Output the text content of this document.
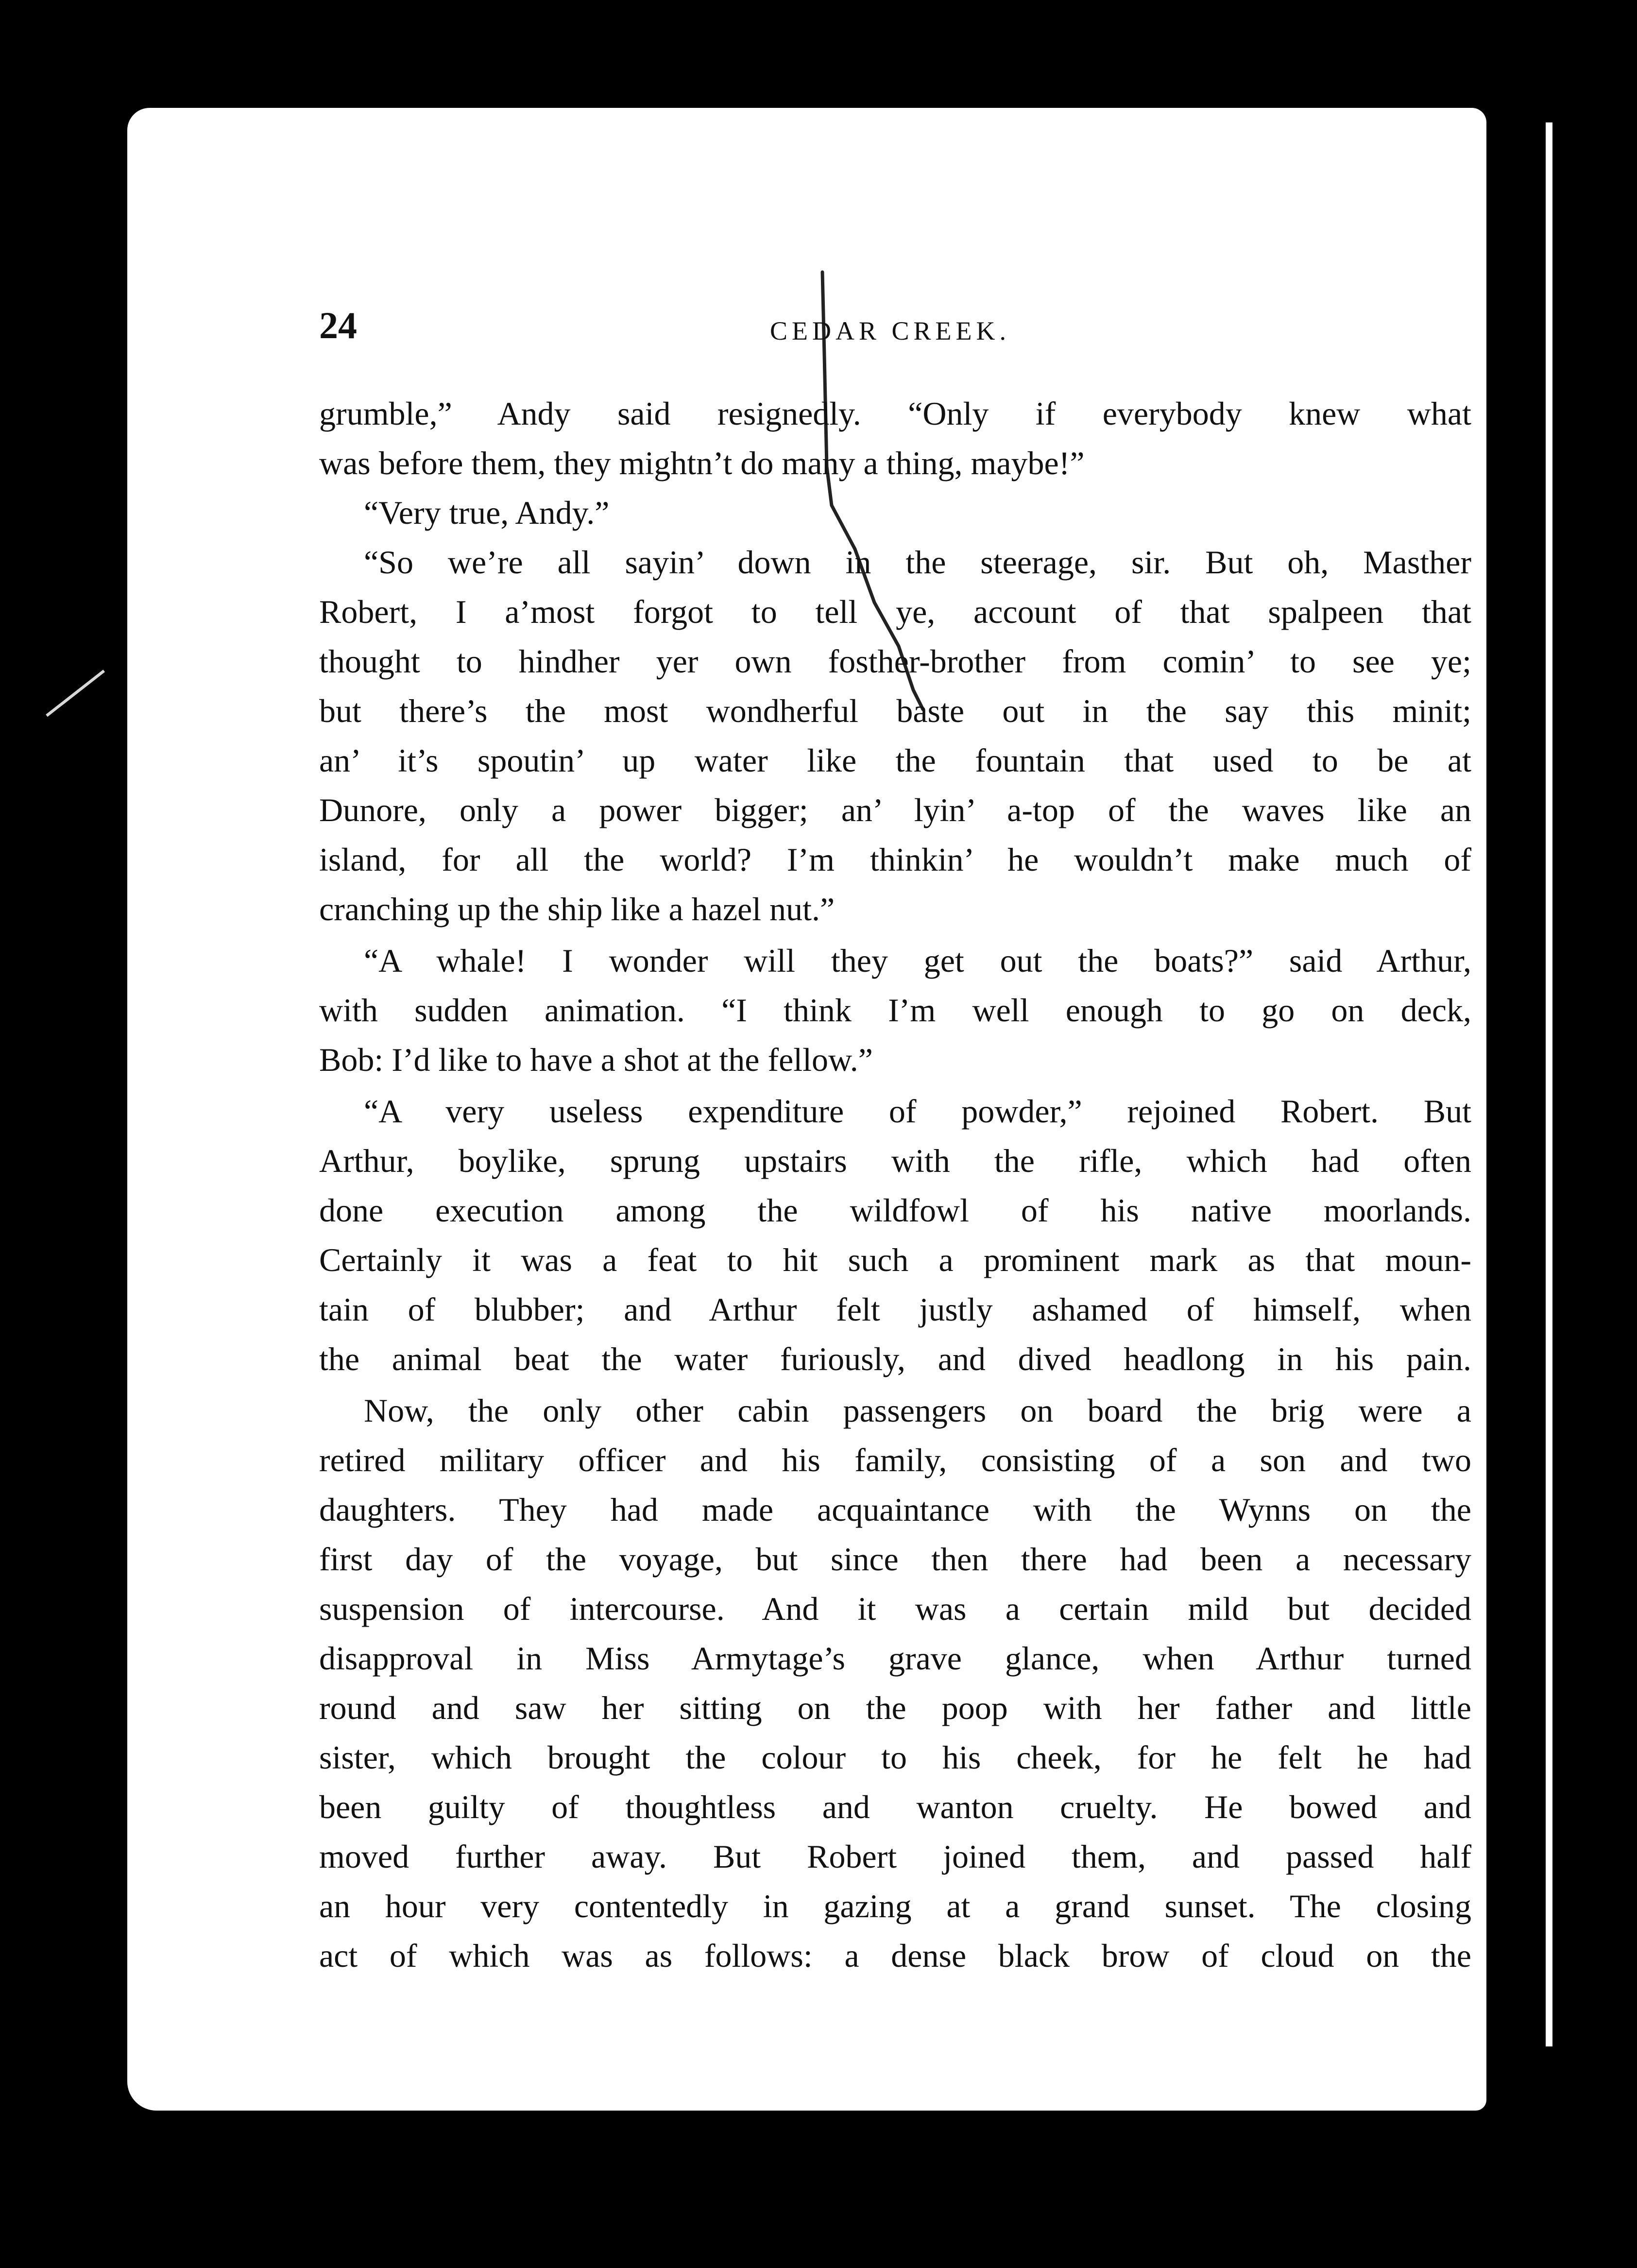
24	CEDAR CREEK.
grumble,” Andy said resignedly. “Only if everybody knew what
was before them, they mightn’t do many a thing, maybe!”
“Very true, Andy.”
“So we’re all sayin’ down in the steerage, sir. But oh, Masther
Robert, I a’most forgot to tell ye, account of that spalpeen that
thought to hindher yer own fosther-brother from comin’ to see ye;
but there’s the most wondherful baste out in the say this minit;
an’ it’s spoutin’ up water like the fountain that used to be at
Dunore, only a power bigger; an’ lyin’ a-top of the waves like an
island, for all the world? I’m thinkin’ he wouldn’t make much of
cranching up the ship like a hazel nut.”
“A whale! I wonder will they get out the boats?” said Arthur,
with sudden animation. “I think I’m well enough to go on deck,
Bob: I’d like to have a shot at the fellow.”
“A very useless expenditure of powder,” rejoined Robert. But
Arthur, boylike, sprung upstairs with the rifle, which had often
done execution among the wildfowl of his native moorlands.
Certainly it was a feat to hit such a prominent mark as that moun-
tain of blubber; and Arthur felt justly ashamed of himself, when
the animal beat the water furiously, and dived headlong in his pain.
Now, the only other cabin passengers on board the brig were a
retired military officer and his family, consisting of a son and two
daughters. They had made acquaintance with the Wynns on the
first day of the voyage, but since then there had been a necessary
suspension of intercourse. And it was a certain mild but decided
disapproval in Miss Armytage’s grave glance, when Arthur turned
round and saw her sitting on the poop with her father and little
sister, which brought the colour to his cheek, for he felt he had
been guilty of thoughtless and wanton cruelty. He bowed and
moved further away. But Robert joined them, and passed half
an hour very contentedly in gazing at a grand sunset. The closing
act of which was as follows: a dense black brow of cloud on the
